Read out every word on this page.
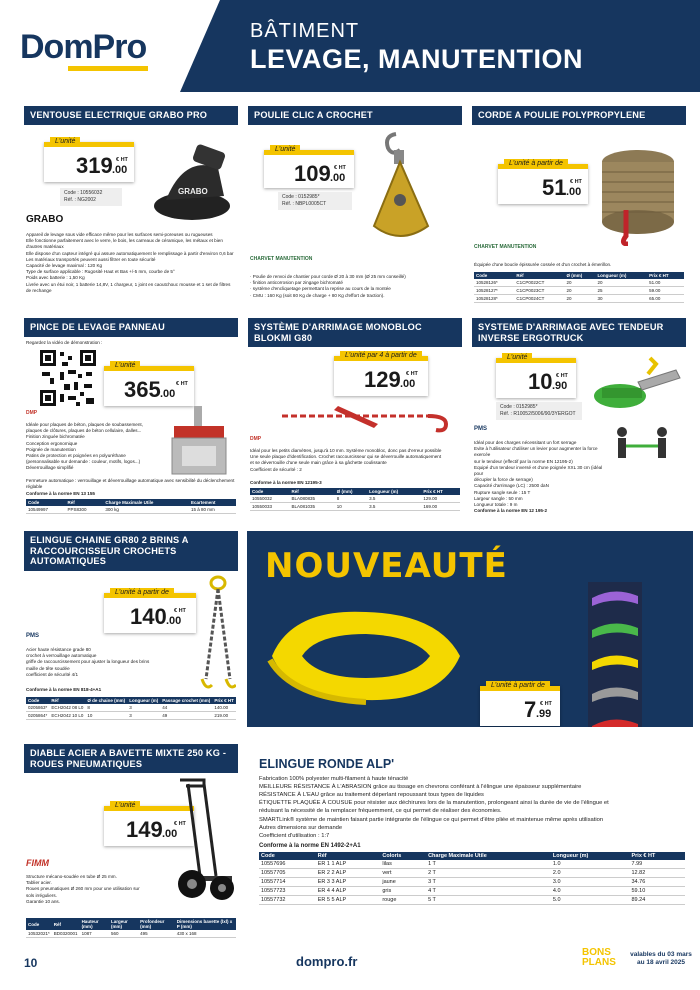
DomPro	BÂTIMENT
LEVAGE, MANUTENTION
VENTOUSE ELECTRIQUE GRABO PRO
L'unité
319 .00
€ HT
Code : 10556032
Réf. : NG2002
GRABO
GRABO
Appareil de levage sous vide efficace même pour les surfaces semi-poreuses ou rugueuses
Elle fonctionne parfaitement avec le verre, le bois, les carreaux de céramique, les métaux et bien d'autres matériaux
Elle dispose d'un capteur intégré qui assure automatiquement le remplissage à partir d'environ 0,6 bar
Les matériaux transportés peuvent aussi filtrer en toute sécurité
Capacité de levage maximal : 120 Kg
Type de surface applicable : Rugosité Haut et Bas +/-5 mm, courbe de 5°
Poids avec batterie : 1,50 Kg
Livrée avec un étui noir, 1 batterie 14,8V, 1 chargeur, 1 joint en caoutchouc mousse et 1 set de filtres de rechange
POULIE CLIC A CROCHET
L'unité
109 .00
€ HT
Code : 0152985*
Réf. : NBPL0005CT
CHARVET MANUTENTION
· Poulie de renvoi de chantier pour corde Ø 20 à 30 mm (Ø 25 mm conseillé)
· finition anticorrosion par zingage bichromaté
· système d'encliquetage permettant la reprise au cours de la montée
· CMU : 160 Kg (soit 80 Kg de charge + 80 Kg d'effort de traction).
CORDE A POULIE POLYPROPYLENE
L'unité à partir de
51 .00
€ HT
CHARVET MANUTENTION
Équipée d'une boucle épissurée cossée et d'un crochet à émerillon.
Code	Réf	Ø (mm)	Longueur (m)	Prix € HT
10528126*	C1CP0022CT	20	20	51.00
10528127*	C1CP0023CT	20	25	59.00
10528128*	C1CP0024CT	20	30	65.00
PINCE DE LEVAGE PANNEAU
Regardez la vidéo de démonstration :
L'unité
365 .00
€ HT
DMP
Idéale pour plaques de béton, plaques de soubassement,
plaques de clôtures, plaques de béton cellulaire, dalles...
Finition zinguée bichromatée
Conception ergonomique
Poignée de manutention
Patins de protection et poignées en polyuréthane
(personnalisable sur demande : couleur, motifs, logos...)
Déverrouillage simplifié
Fermeture automatique : verrouillage et déverrouillage automatique avec sensibilité du déclenchement réglable
Conforme à la norme EN 13 155
Code	Réf	Charge Maximale Utile	Ecartement
10549997	PPS8300	300 kg	15 à 80 mm
SYSTÈME D'ARRIMAGE MONOBLOC BLOKMI G80
L'unité par 4 à partir de
129 .00
€ HT
DMP
Idéal pour les petits diamètres, jusqu'à 10 mm. Système monobloc, donc pas d'erreur possible
Une seule plaque d'identification. Crochet raccourcisseur qui se déverrouille automatiquement
et se déverrouille d'une seule main grâce à sa gâchette coulissante
Coefficient de sécurité : 2
Conforme à la norme EN 12195-3
Code	Réf	Ø (mm)	Longueur (m)	Prix € HT
10550032	BLA080835	8	3.5	129.00
10550033	BLA081035	10	3.5	169.00
SYSTEME D'ARRIMAGE AVEC TENDEUR INVERSE ERGOTRUCK
L'unité
10 .90
€ HT
Code : 0152985*
Réf. : R10052/5006/90/3YERGOT
PMS
Idéal pour des charges nécessitant un fort serrage
Evite à l'utilisateur d'utiliser un levier pour augmenter la force exercée
sur le tendeur (effectif par la norme EN 12195-2)
Equipé d'un tendeur inversé et d'une poignée XXL 30 cm (idéal pour
décupler la force de serrage)
Capacité d'arrimage (LC) : 2500 daN
Rupture sangle seule : 15 T
Largeur sangle : 50 mm
Longueur totale : 9 m
Conforme à la norme EN 12 195-2
ELINGUE CHAINE GR80 2 BRINS A RACCOURCISSEUR CROCHETS AUTOMATIQUES
L'unité à partir de
140 .00
€ HT
PMS
Acier haute résistance grade 80
crochet à verrouillage automatique
griffe de raccourcissement pour ajuster la longueur des brins
maille de tête soudée
coefficient de sécurité 4/1
Conforme à la norme EN 818-4+A1
Code	Réf	Ø de chaine (mm)	Longueur (m)	Passage crochet (mm)	Prix € HT
0205863*	ECH2042 08 L0	8	3	44	140.00
0205864*	ECH2042 10 L0	10	3	49	219.00
DIABLE ACIER A BAVETTE MIXTE 250 KG - ROUES PNEUMATIQUES
L'unité
149 .00
€ HT
FIMM
Structure mécano-soudée en tube Ø 25 mm.
Tablier acier.
Roues pneumatiques Ø 260 mm pour une utilisation sur
sols irréguliers.
Garantie 10 ans.
Code	Réf	Hauteur (mm)	Largeur (mm)	Profondeur (mm)	Dimensions bavette (lxl) x P (mm)
10532021*	BD0320001	1087	560	495	430 x 168
NOUVEAUTÉ
L'unité à partir de
7 .99
€ HT
ELINGUE RONDE ALP'
Fabrication 100% polyester multi-filament à haute ténacité
MEILLEURE RÉSISTANCE À L'ABRASION grâce au tissage en chevrons conférant à l'élingue une épaisseur supplémentaire
RÉSISTANCE À L'EAU grâce au traitement déperlant repoussant tous types de liquides
ÉTIQUETTE PLAQUÉE À COUSUE pour résister aux déchirures lors de la manutention, prolongeant ainsi la durée de vie de l'élingue et
réduisant la nécessité de la remplacer fréquemment, ce qui permet de réaliser des économies.
SMARTLink® système de maintien faisant partie intégrante de l'élingue ce qui permet d'être pliée et maintenue même après utilisation
Autres dimensions sur demande
Coefficient d'utilisation : 1:7
Conforme à la norme EN 1492-2+A1
Code	Réf	Coloris	Charge Maximale Utile	Longueur (m)	Prix € HT
10557696	ER 1 1 ALP	lilas	1 T	1.0	7.99
10557705	ER 2 2 ALP	vert	2 T	2.0	12.82
10557714	ER 3 3 ALP	jaune	3 T	3.0	34.76
10557723	ER 4 4 ALP	gris	4 T	4.0	59.10
10557732	ER 5 5 ALP	rouge	5 T	5.0	89.24
10	dompro.fr
BONS PLANS
valables du 03 mars au 18 avril 2025
